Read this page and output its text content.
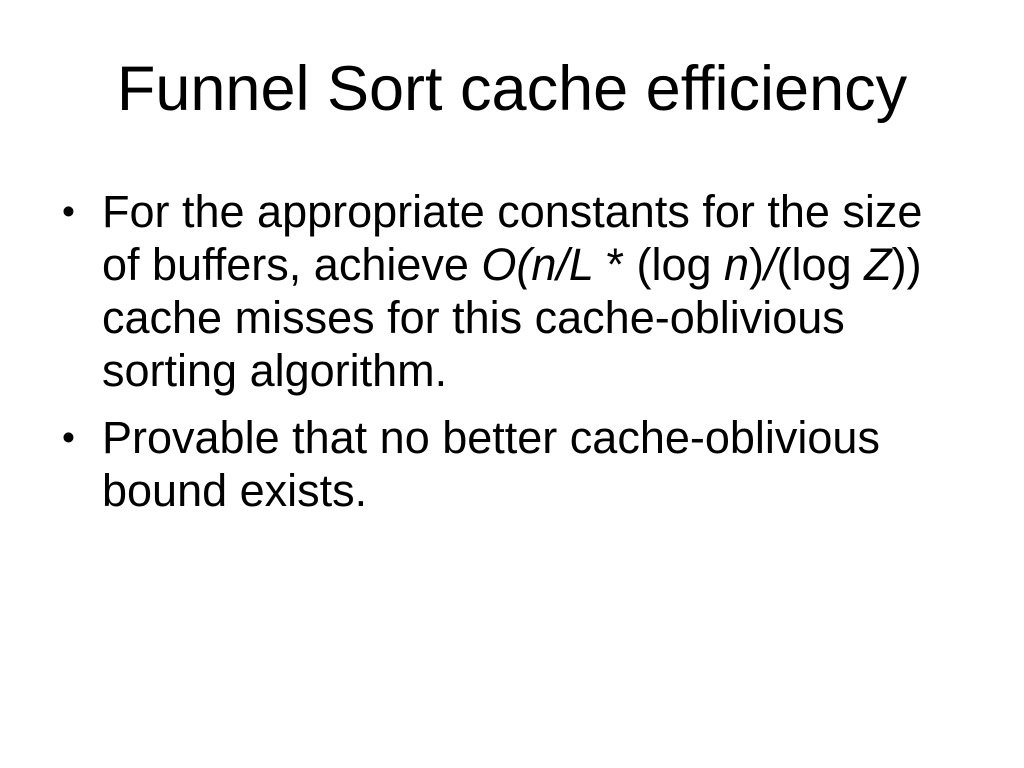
Funnel Sort cache efficiency
• For the appropriate constants for the size of buffers, achieve O(n/L * (log n)/(log Z)) cache misses for this cache-oblivious sorting algorithm.
• Provable that no better cache-oblivious bound exists.
